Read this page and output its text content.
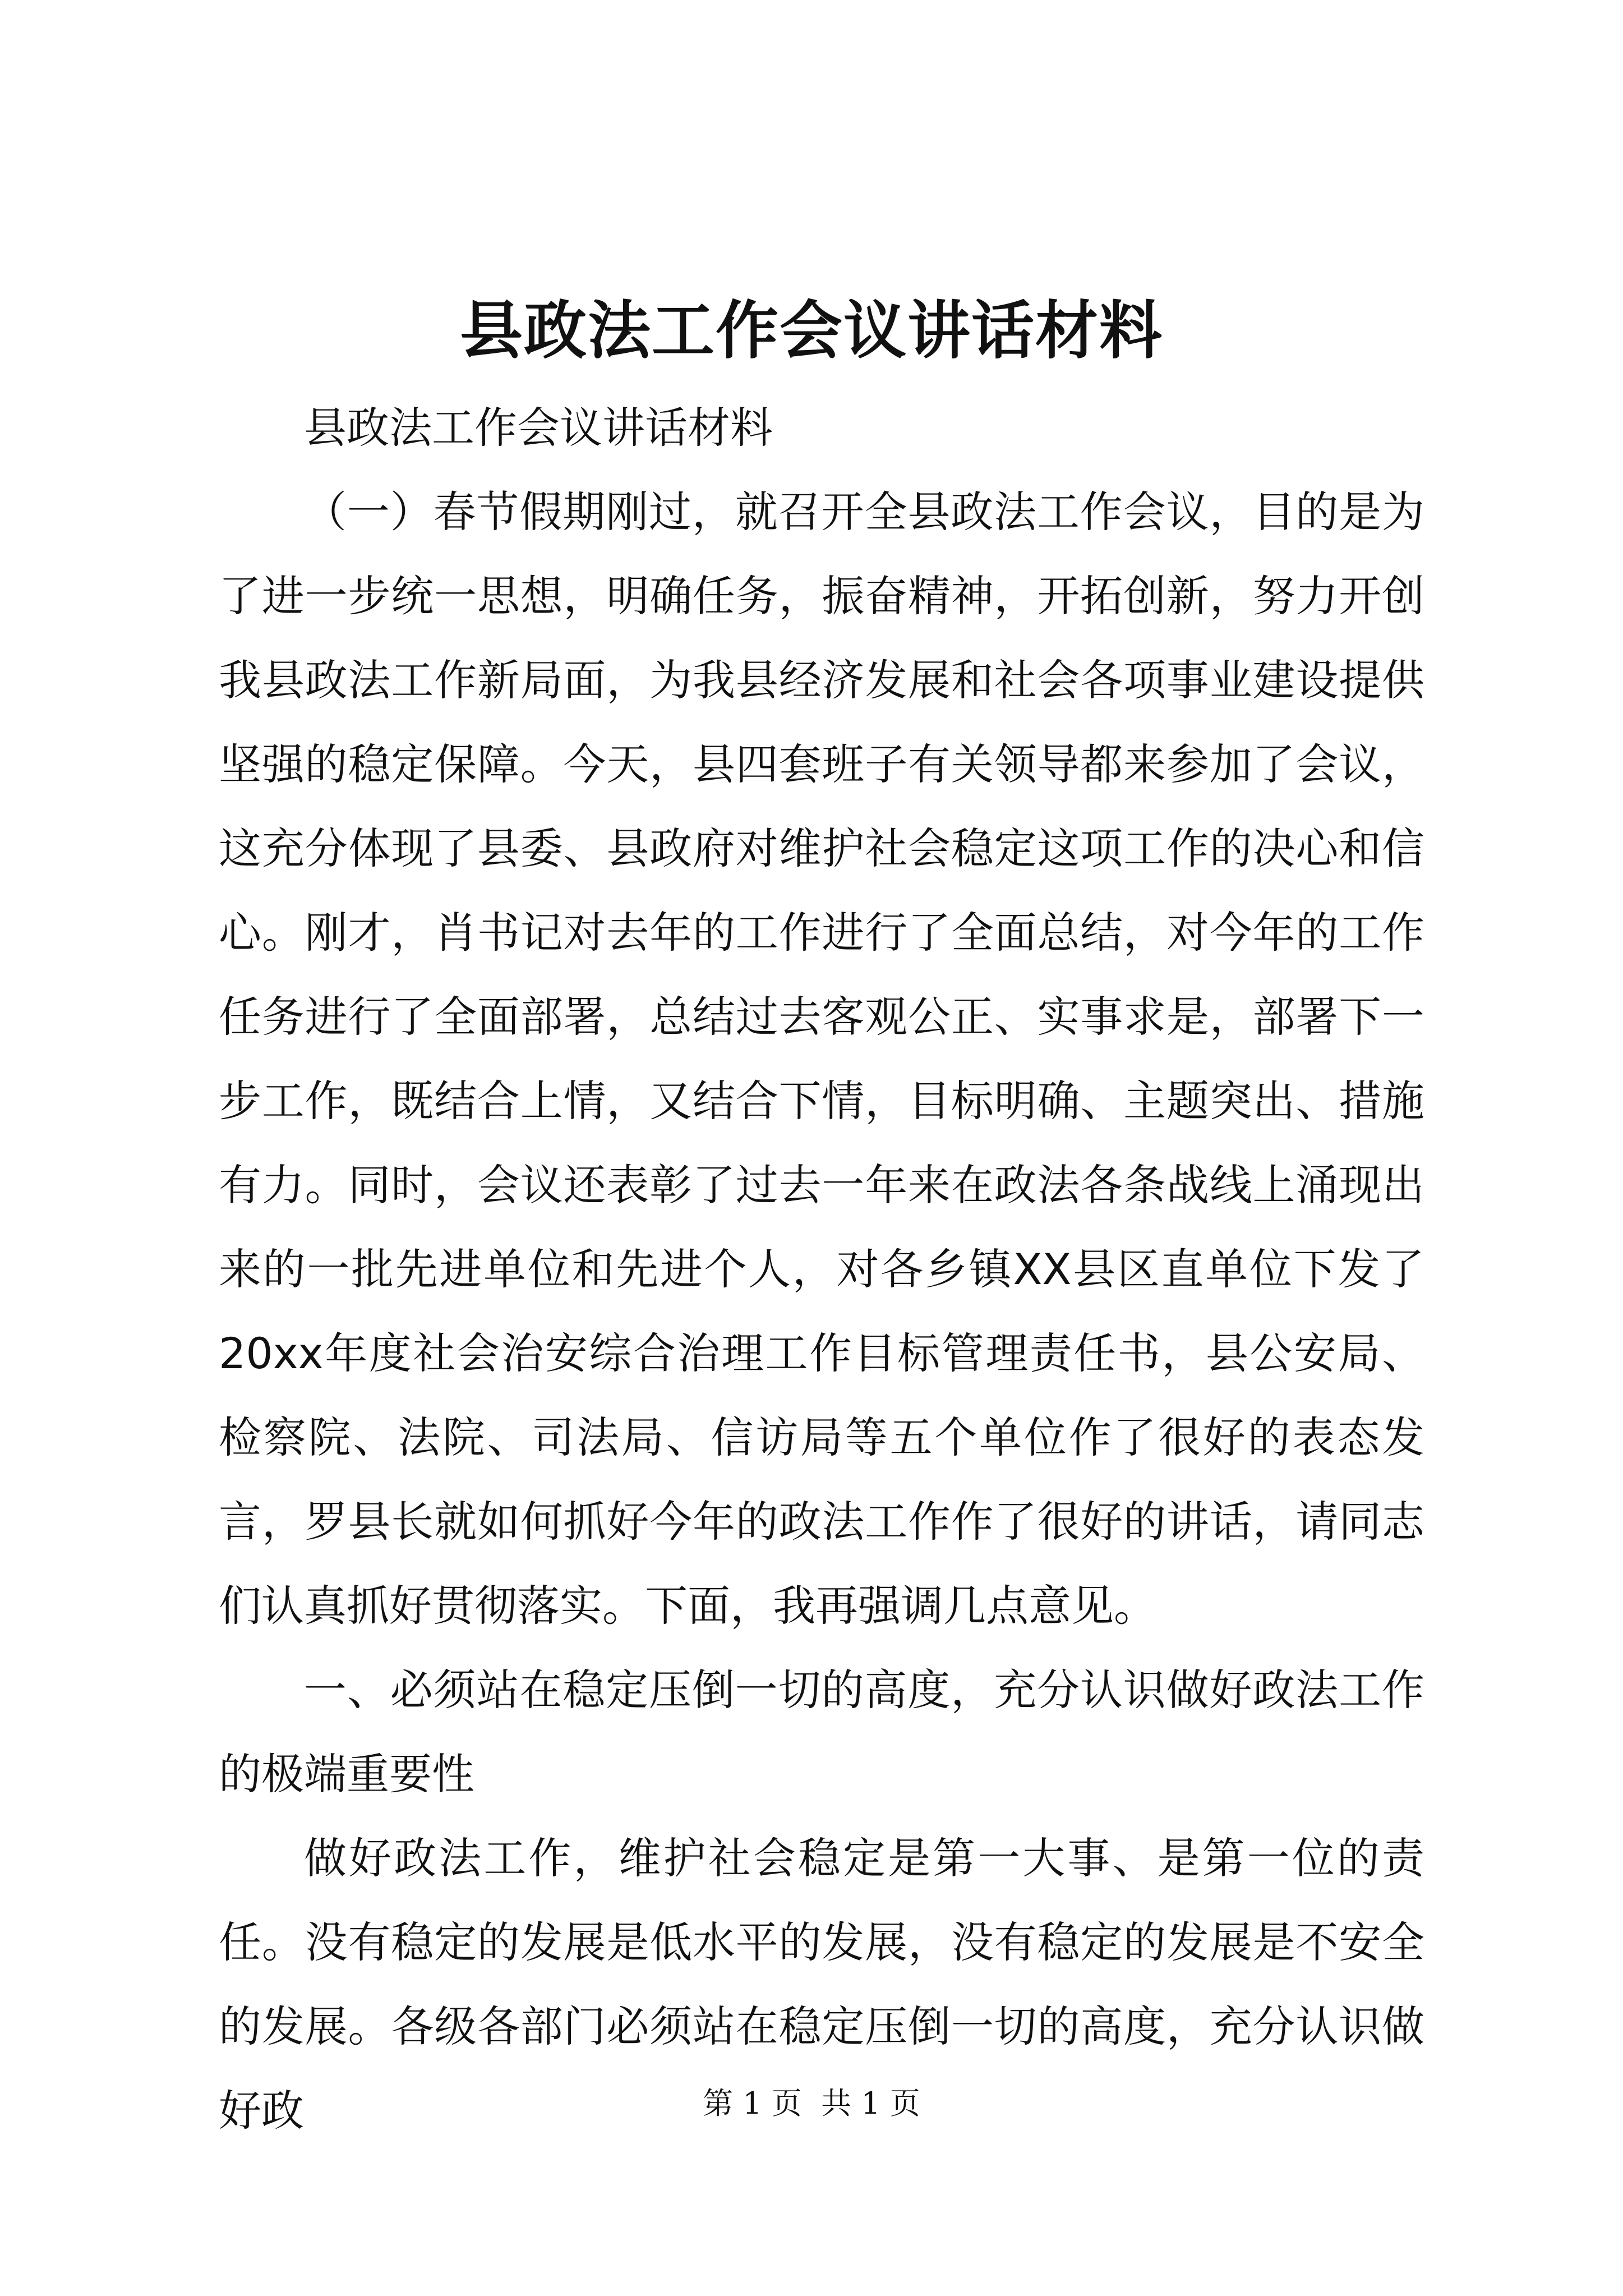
县政法工作会议讲话材料

县政法工作会议讲话材料

（一）春节假期刚过，就召开全县政法工作会议，目的是为了进一步统一思想，明确任务，振奋精神，开拓创新，努力开创我县政法工作新局面，为我县经济发展和社会各项事业建设提供坚强的稳定保障。今天，县四套班子有关领导都来参加了会议，这充分体现了县委、县政府对维护社会稳定这项工作的决心和信心。刚才，肖书记对去年的工作进行了全面总结，对今年的工作任务进行了全面部署，总结过去客观公正、实事求是，部署下一步工作，既结合上情，又结合下情，目标明确、主题突出、措施有力。同时，会议还表彰了过去一年来在政法各条战线上涌现出来的一批先进单位和先进个人，对各乡镇XX县区直单位下发了20xx年度社会治安综合治理工作目标管理责任书，县公安局、检察院、法院、司法局、信访局等五个单位作了很好的表态发言，罗县长就如何抓好今年的政法工作作了很好的讲话，请同志们认真抓好贯彻落实。下面，我再强调几点意见。

一、必须站在稳定压倒一切的高度，充分认识做好政法工作的极端重要性

做好政法工作，维护社会稳定是第一大事、是第一位的责任。没有稳定的发展是低水平的发展，没有稳定的发展是不安全的发展。各级各部门必须站在稳定压倒一切的高度，充分认识做好政	第 1 页  共 1 页
